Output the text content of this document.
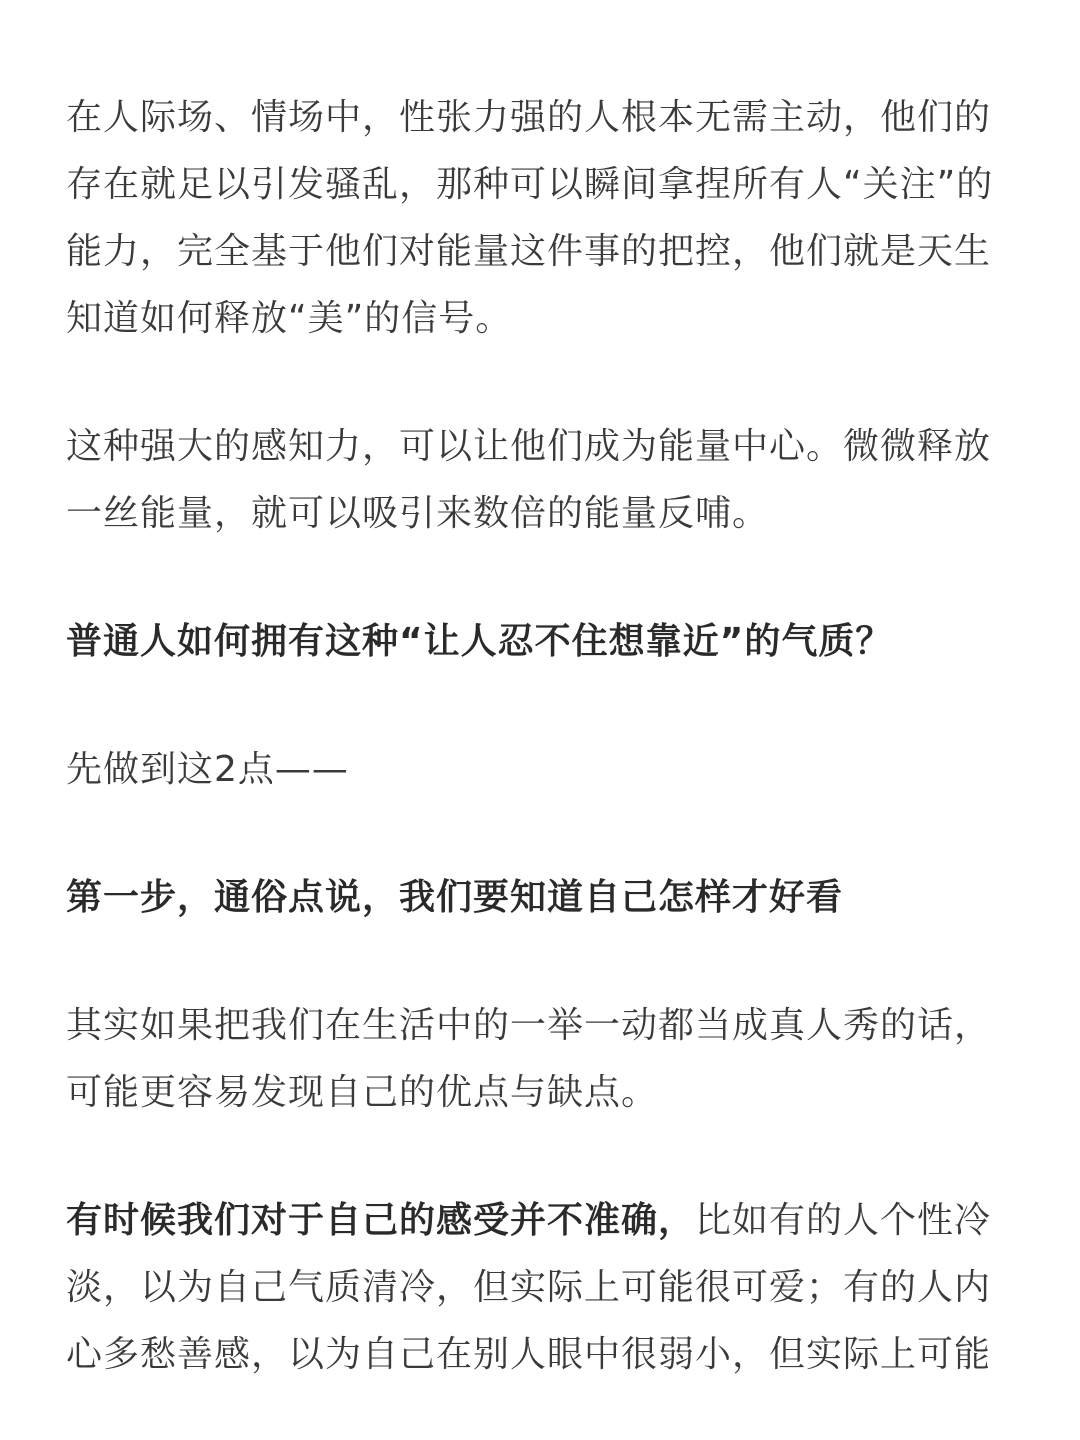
在人际场、情场中，性张力强的人根本无需主动，他们的存在就足以引发骚乱，那种可以瞬间拿捏所有人“关注”的能力，完全基于他们对能量这件事的把控，他们就是天生知道如何释放“美”的信号。

这种强大的感知力，可以让他们成为能量中心。微微释放一丝能量，就可以吸引来数倍的能量反哺。

普通人如何拥有这种“让人忍不住想靠近”的气质？

先做到这2点——

第一步，通俗点说，我们要知道自己怎样才好看

其实如果把我们在生活中的一举一动都当成真人秀的话，可能更容易发现自己的优点与缺点。

有时候我们对于自己的感受并不准确，比如有的人个性冷淡，以为自己气质清冷，但实际上可能很可爱；有的人内心多愁善感，以为自己在别人眼中很弱小，但实际上可能
